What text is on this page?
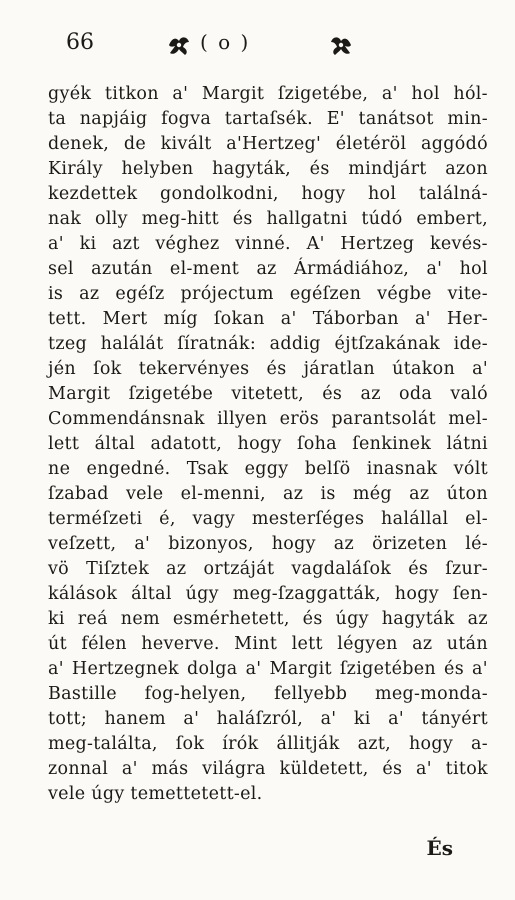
66	( o )
gyék titkon a' Margit ſzigetébe, a' hol hól-
ta napjáig fogva tartaſsék. E' tanátsot min-
denek, de kivált a'Hertzeg' életéröl aggódó
Király helyben hagyták, és mindjárt azon
kezdettek gondolkodni, hogy hol találná-
nak olly meg-hitt és hallgatni túdó embert,
a' ki azt véghez vinné. A' Hertzeg kevés-
sel azután el-ment az Ármádiához, a' hol
is az egéſz prójectum egéſzen végbe vite-
tett. Mert míg ſokan a' Táborban a' Her-
tzeg halálát ſíratnák: addig éjtſzakának ide-
jén ſok tekervényes és járatlan útakon a'
Margit ſzigetébe vitetett, és az oda való
Commendánsnak illyen erös parantsolát mel-
lett által adatott, hogy ſoha ſenkinek látni
ne engedné. Tsak eggy belſö inasnak vólt
ſzabad vele el-menni, az is még az úton
terméſzeti é, vagy mesterſéges halállal el-
veſzett, a' bizonyos, hogy az örizeten lé-
vö Tiſztek az ortzáját vagdaláſok és ſzur-
kálások által úgy meg-ſzaggatták, hogy ſen-
ki reá nem esmérhetett, és úgy hagyták az
út félen heverve. Mint lett légyen az után
a' Hertzegnek dolga a' Margit ſzigetében és a'
Bastille fog-helyen, fellyebb meg-monda-
tott; hanem a' haláſzról, a' ki a' tányért
meg-találta, ſok írók állitják azt, hogy a-
zonnal a' más világra küldetett, és a' titok
vele úgy temettetett-el.
És
